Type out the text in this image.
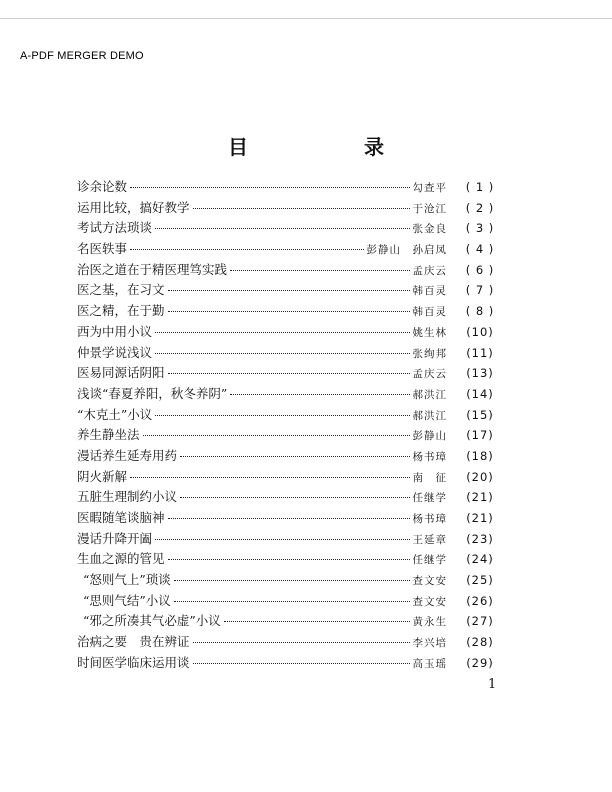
A-PDF MERGER DEMO
目　录
诊余论数	勾查平	( 1 )
运用比较，搞好教学	于沧江	( 2 )
考试方法琐谈	张金良	( 3 )
名医轶事	彭静山　孙启凤	( 4 )
治医之道在于精医理笃实践	孟庆云	( 6 )
医之基，在习文	韩百灵	( 7 )
医之精，在于勤	韩百灵	( 8 )
西为中用小议	姚生林	(10)
仲景学说浅议	张绚邦	(11)
医易同源话阴阳	孟庆云	(13)
浅谈“春夏养阳，秋冬养阴”	郝洪江	(14)
“木克土”小议	郝洪江	(15)
养生静坐法	彭静山	(17)
漫话养生延寿用药	杨书璋	(18)
阴火新解	南　征	(20)
五脏生理制约小议	任继学	(21)
医暇随笔谈脑神	杨书璋	(21)
漫话升降开阖	王延章	(23)
生血之源的管见	任继学	(24)
“怒则气上”琐谈	查文安	(25)
“思则气结”小议	查文安	(26)
“邪之所凑其气必虚”小议	黄永生	(27)
治病之要　贵在辨证	李兴培	(28)
时间医学临床运用谈	高玉瑶	(29)
1
